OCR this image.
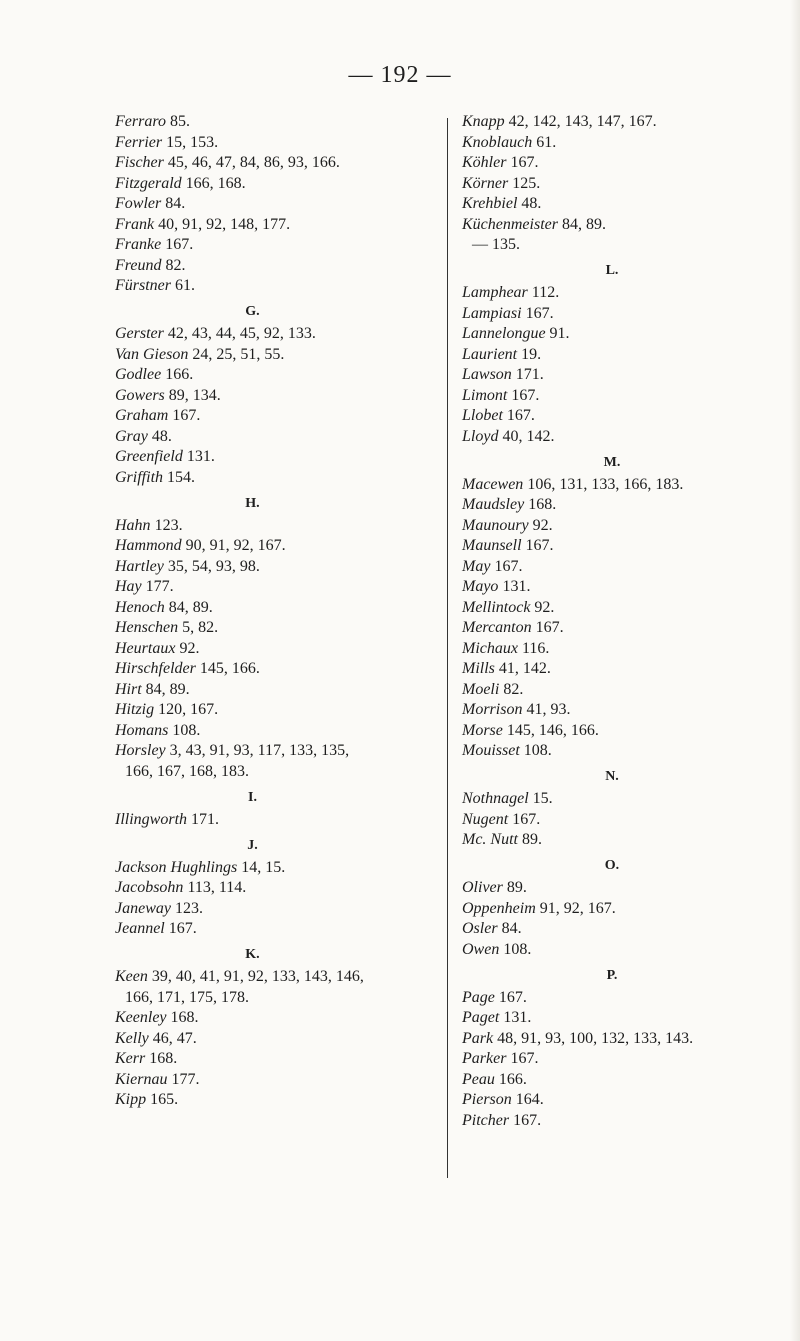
— 192 —
Ferraro 85.
Ferrier 15, 153.
Fischer 45, 46, 47, 84, 86, 93, 166.
Fitzgerald 166, 168.
Fowler 84.
Frank 40, 91, 92, 148, 177.
Franke 167.
Freund 82.
Fürstner 61.
G.
Gerster 42, 43, 44, 45, 92, 133.
Van Gieson 24, 25, 51, 55.
Godlee 166.
Gowers 89, 134.
Graham 167.
Gray 48.
Greenfield 131.
Griffith 154.
H.
Hahn 123.
Hammond 90, 91, 92, 167.
Hartley 35, 54, 93, 98.
Hay 177.
Henoch 84, 89.
Henschen 5, 82.
Heurtaux 92.
Hirschfelder 145, 166.
Hirt 84, 89.
Hitzig 120, 167.
Homans 108.
Horsley 3, 43, 91, 93, 117, 133, 135,
166, 167, 168, 183.
I.
Illingworth 171.
J.
Jackson Hughlings 14, 15.
Jacobsohn 113, 114.
Janeway 123.
Jeannel 167.
K.
Keen 39, 40, 41, 91, 92, 133, 143, 146,
166, 171, 175, 178.
Keenley 168.
Kelly 46, 47.
Kerr 168.
Kiernau 177.
Kipp 165.
Knapp 42, 142, 143, 147, 167.
Knoblauch 61.
Köhler 167.
Körner 125.
Krehbiel 48.
Küchenmeister 84, 89.
— 135.
L.
Lamphear 112.
Lampiasi 167.
Lannelongue 91.
Laurient 19.
Lawson 171.
Limont 167.
Llobet 167.
Lloyd 40, 142.
M.
Macewen 106, 131, 133, 166, 183.
Maudsley 168.
Maunoury 92.
Maunsell 167.
May 167.
Mayo 131.
Mellintock 92.
Mercanton 167.
Michaux 116.
Mills 41, 142.
Moeli 82.
Morrison 41, 93.
Morse 145, 146, 166.
Mouisset 108.
N.
Nothnagel 15.
Nugent 167.
Mc. Nutt 89.
O.
Oliver 89.
Oppenheim 91, 92, 167.
Osler 84.
Owen 108.
P.
Page 167.
Paget 131.
Park 48, 91, 93, 100, 132, 133, 143.
Parker 167.
Peau 166.
Pierson 164.
Pitcher 167.
